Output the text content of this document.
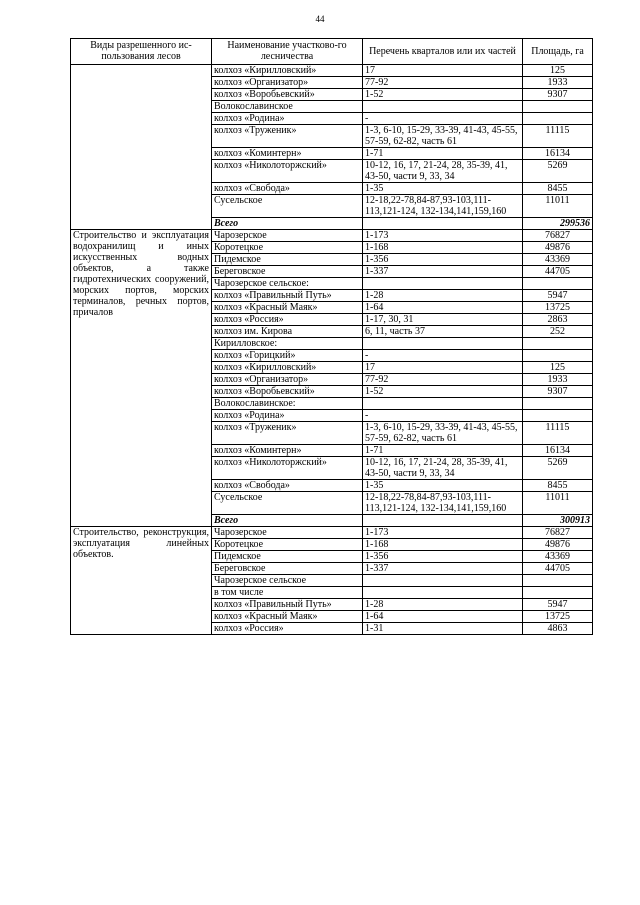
44
Виды разрешенного ис-пользования лесов	Наименование участково-го лесничества	Перечень кварталов или их частей	Площадь, га
	колхоз «Кирилловский»	17	125
	колхоз «Организатор»	77-92	1933
	колхоз «Воробьевский»	1-52	9307
	Волокославинское		
	колхоз «Родина»	-	
	колхоз «Труженик»	1-3, 6-10, 15-29, 33-39, 41-43, 45-55, 57-59, 62-82, часть 61	11115
	колхоз «Коминтерн»	1-71	16134
	колхоз «Николоторжский»	10-12, 16, 17, 21-24, 28, 35-39, 41, 43-50, части 9, 33, 34	5269
	колхоз «Свобода»	1-35	8455
	Сусельское	12-18,22-78,84-87,93-103,111-113,121-124, 132-134,141,159,160	11011
	Всего		299536
Строительство и эксплуатация водохранилищ и иных искусственных водных объектов, а также гидротехнических сооружений, морских портов, морских терминалов, речных портов, причалов	Чарозерское	1-173	76827
	Коротецкое	1-168	49876
	Пидемское	1-356	43369
	Береговское	1-337	44705
	Чарозерское сельское:		
	колхоз «Правильный Путь»	1-28	5947
	колхоз «Красный Маяк»	1-64	13725
	колхоз «Россия»	1-17, 30, 31	2863
	колхоз им. Кирова	6, 11, часть 37	252
	Кирилловское:		
	колхоз «Горицкий»	-	
	колхоз «Кирилловский»	17	125
	колхоз «Организатор»	77-92	1933
	колхоз «Воробьевский»	1-52	9307
	Волокославинское:		
	колхоз «Родина»	-	
	колхоз «Труженик»	1-3, 6-10, 15-29, 33-39, 41-43, 45-55, 57-59, 62-82, часть 61	11115
	колхоз «Коминтерн»	1-71	16134
	колхоз «Николоторжский»	10-12, 16, 17, 21-24, 28, 35-39, 41, 43-50, части 9, 33, 34	5269
	колхоз «Свобода»	1-35	8455
	Сусельское	12-18,22-78,84-87,93-103,111-113,121-124, 132-134,141,159,160	11011
	Всего		300913
Строительство, реконструкция, эксплуатация линейных объектов.	Чарозерское	1-173	76827
	Коротецкое	1-168	49876
	Пидемское	1-356	43369
	Береговское	1-337	44705
	Чарозерское сельское		
	в том числе		
	колхоз «Правильный Путь»	1-28	5947
	колхоз «Красный Маяк»	1-64	13725
	колхоз «Россия»	1-31	4863
